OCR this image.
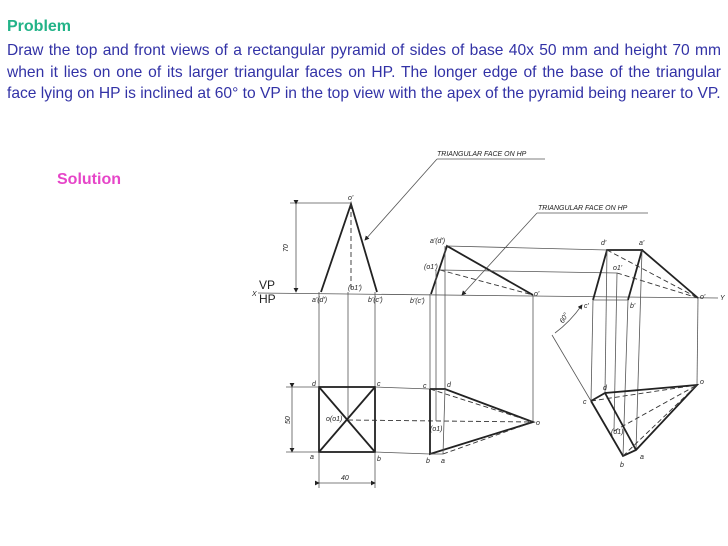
Problem
Draw the top and front views of a rectangular pyramid of sides of base 40x 50 mm and height 70 mm when it lies on one of its larger triangular faces on HP. The longer edge of the base of the triangular face lying on HP is inclined at 60° to VP in the top view with the apex of the pyramid being nearer to VP.
Solution
X
VP
HP	Y
TRIANGULAR FACE ON HP
TRIANGULAR FACE ON HP
70
o'
a'(d')	b'(c')
(o1')
50
40
d	c
a	b
o(o1)
a'(d')
(o1')
b'(c')
o'
c	d
b a
(o1)
o
d'	a'
o1'
c'	b'
o'
60°
d
c
(o1)
b
a
o
